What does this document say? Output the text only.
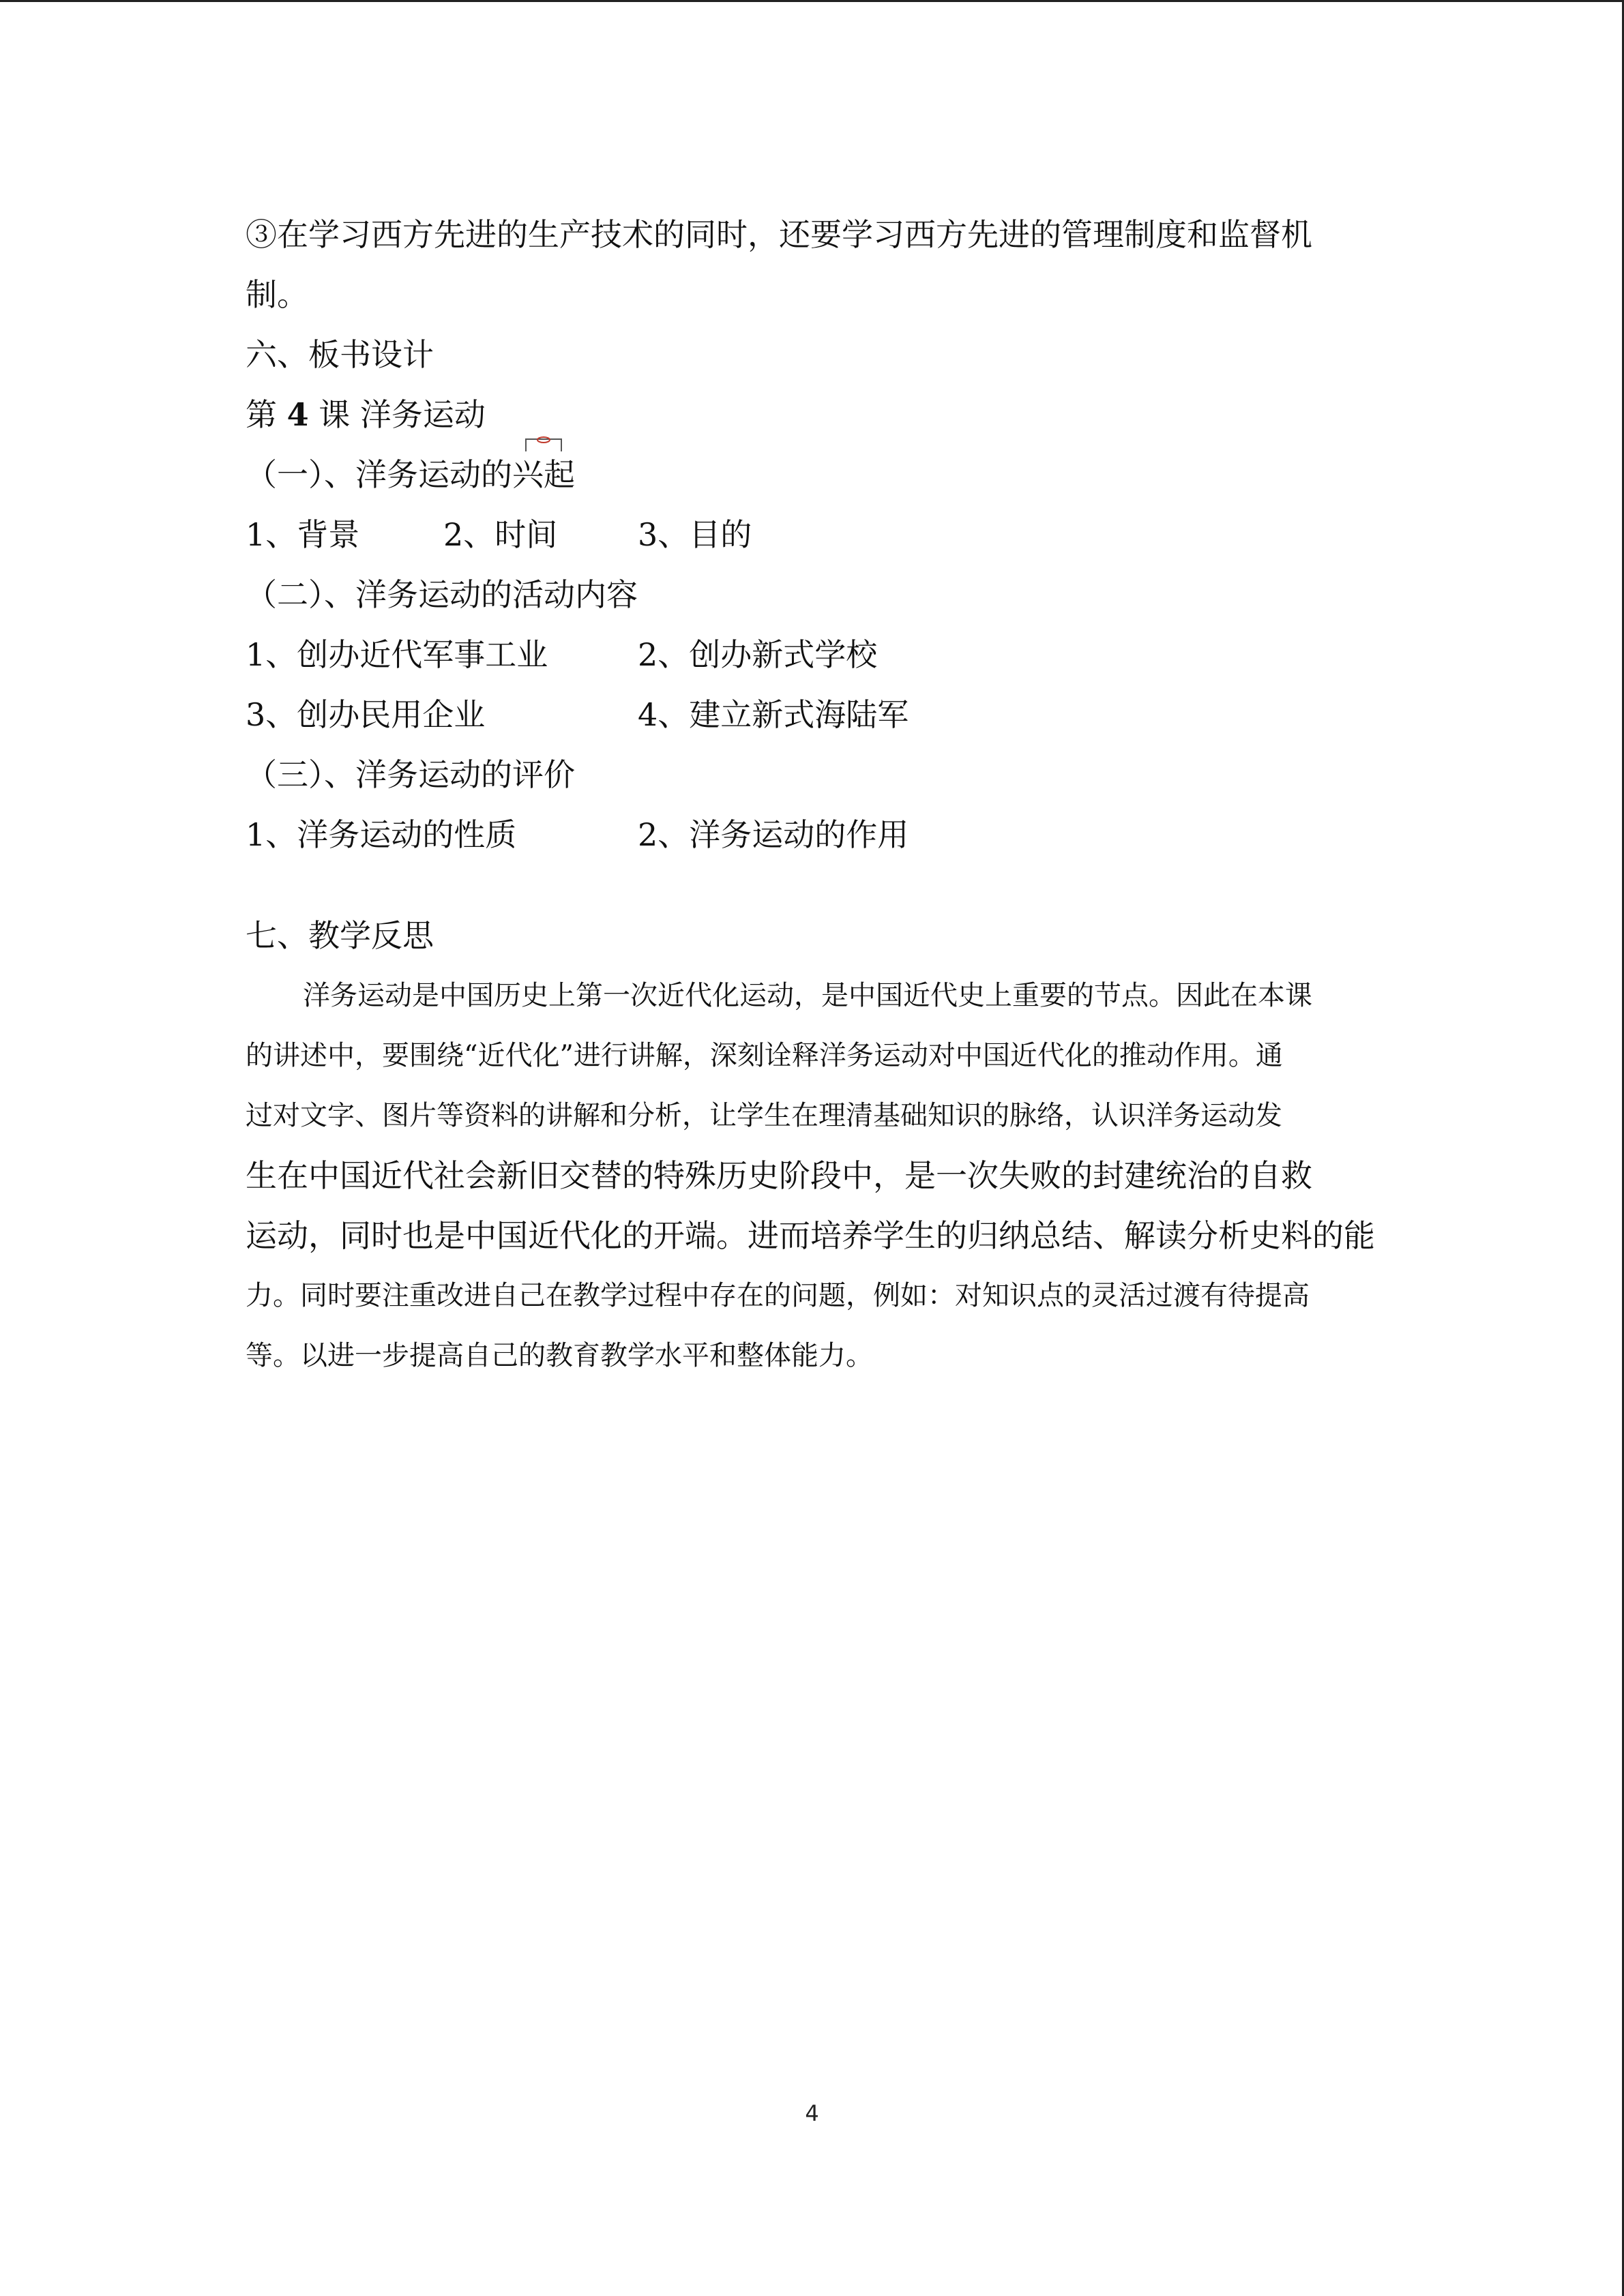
③在学习西方先进的生产技术的同时，还要学习西方先进的管理制度和监督机
制。
六、板书设计
第 4 课 洋务运动
（一）、洋务运动的兴起
1、背景	2、时间	3、目的
（二）、洋务运动的活动内容
1、创办近代军事工业	2、创办新式学校
3、创办民用企业	4、建立新式海陆军
（三）、洋务运动的评价
1、洋务运动的性质	2、洋务运动的作用
七、教学反思
洋务运动是中国历史上第一次近代化运动，是中国近代史上重要的节点。因此在本课
的讲述中，要围绕“近代化”进行讲解，深刻诠释洋务运动对中国近代化的推动作用。通
过对文字、图片等资料的讲解和分析，让学生在理清基础知识的脉络，认识洋务运动发
生在中国近代社会新旧交替的特殊历史阶段中，是一次失败的封建统治的自救
运动，同时也是中国近代化的开端。进而培养学生的归纳总结、解读分析史料的能
力。同时要注重改进自己在教学过程中存在的问题，例如：对知识点的灵活过渡有待提高
等。以进一步提高自己的教育教学水平和整体能力。
4
